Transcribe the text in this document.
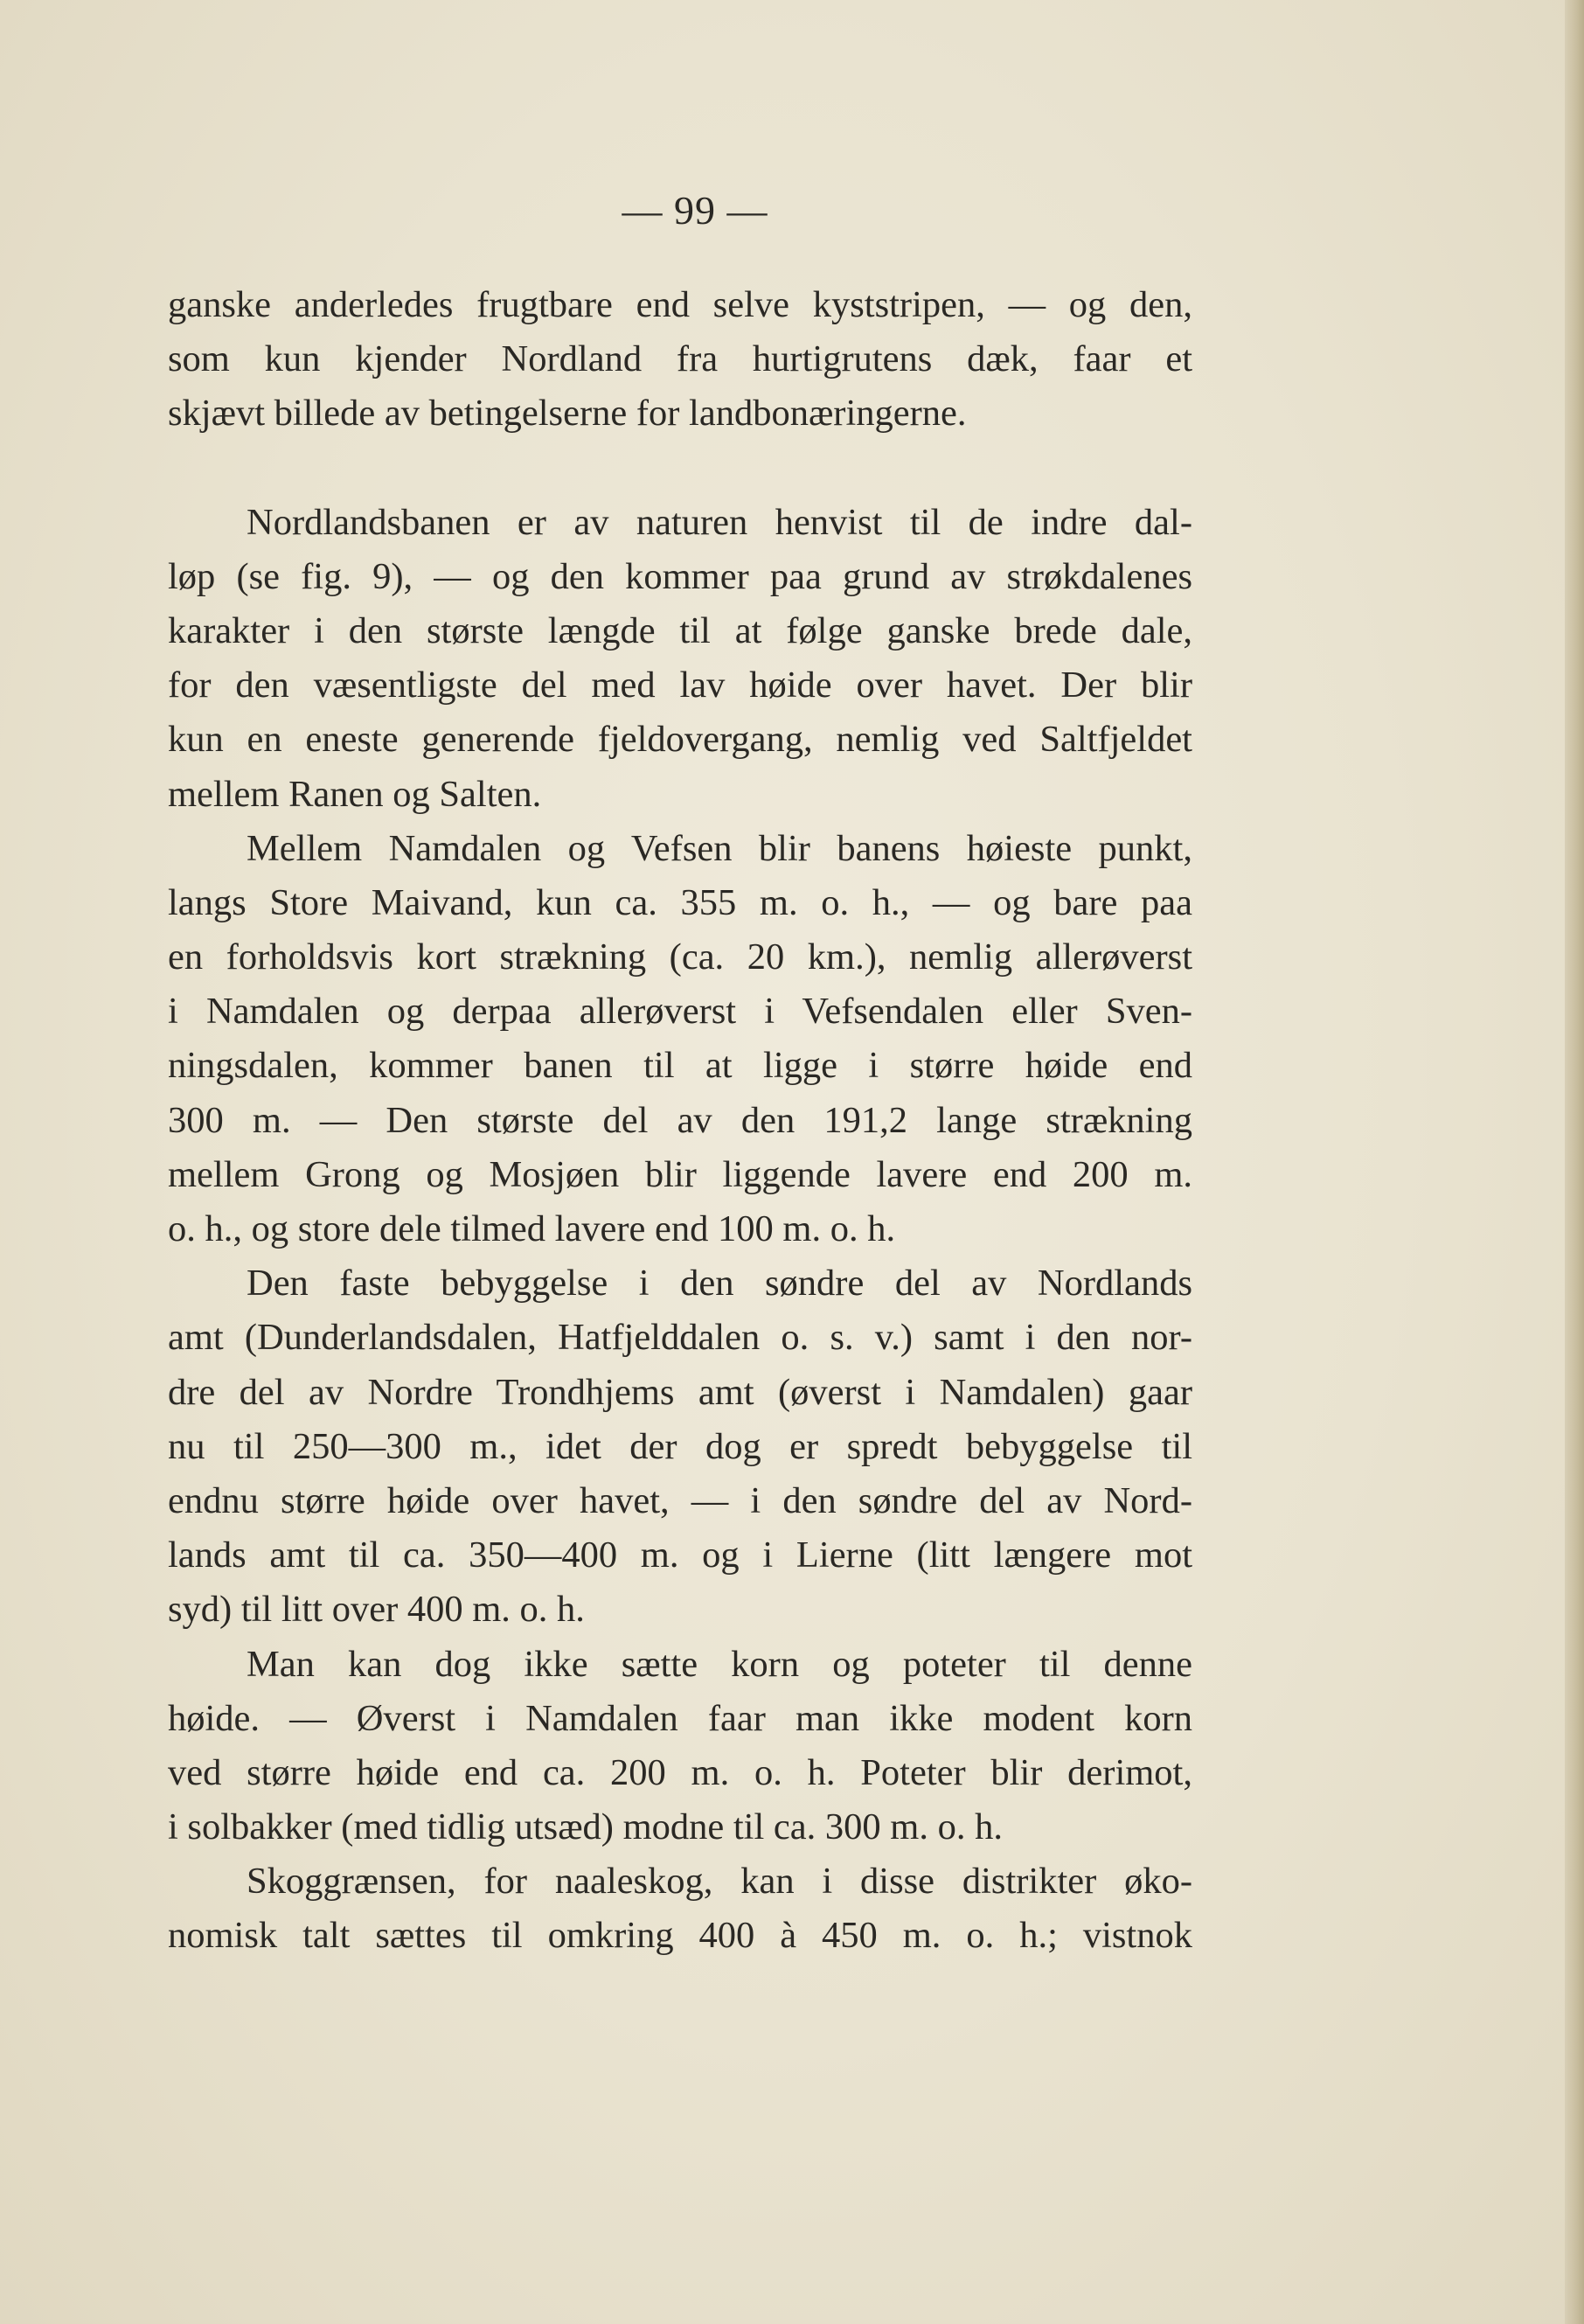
— 99 —
ganske anderledes frugtbare end selve kyststripen, — og den,
som kun kjender Nordland fra hurtigrutens dæk, faar et
skjævt billede av betingelserne for landbonæringerne.
Nordlandsbanen er av naturen henvist til de indre dal-
løp (se fig. 9), — og den kommer paa grund av strøkdalenes
karakter i den største længde til at følge ganske brede dale,
for den væsentligste del med lav høide over havet. Der blir
kun en eneste generende fjeldovergang, nemlig ved Saltfjeldet
mellem Ranen og Salten.
Mellem Namdalen og Vefsen blir banens høieste punkt,
langs Store Maivand, kun ca. 355 m. o. h., — og bare paa
en forholdsvis kort strækning (ca. 20 km.), nemlig allerøverst
i Namdalen og derpaa allerøverst i Vefsendalen eller Sven-
ningsdalen, kommer banen til at ligge i større høide end
300 m. — Den største del av den 191,2 lange strækning
mellem Grong og Mosjøen blir liggende lavere end 200 m.
o. h., og store dele tilmed lavere end 100 m. o. h.
Den faste bebyggelse i den søndre del av Nordlands
amt (Dunderlandsdalen, Hatfjelddalen o. s. v.) samt i den nor-
dre del av Nordre Trondhjems amt (øverst i Namdalen) gaar
nu til 250—300 m., idet der dog er spredt bebyggelse til
endnu større høide over havet, — i den søndre del av Nord-
lands amt til ca. 350—400 m. og i Lierne (litt længere mot
syd) til litt over 400 m. o. h.
Man kan dog ikke sætte korn og poteter til denne
høide. — Øverst i Namdalen faar man ikke modent korn
ved større høide end ca. 200 m. o. h. Poteter blir derimot,
i solbakker (med tidlig utsæd) modne til ca. 300 m. o. h.
Skoggrænsen, for naaleskog, kan i disse distrikter øko-
nomisk talt sættes til omkring 400 à 450 m. o. h.; vistnok
